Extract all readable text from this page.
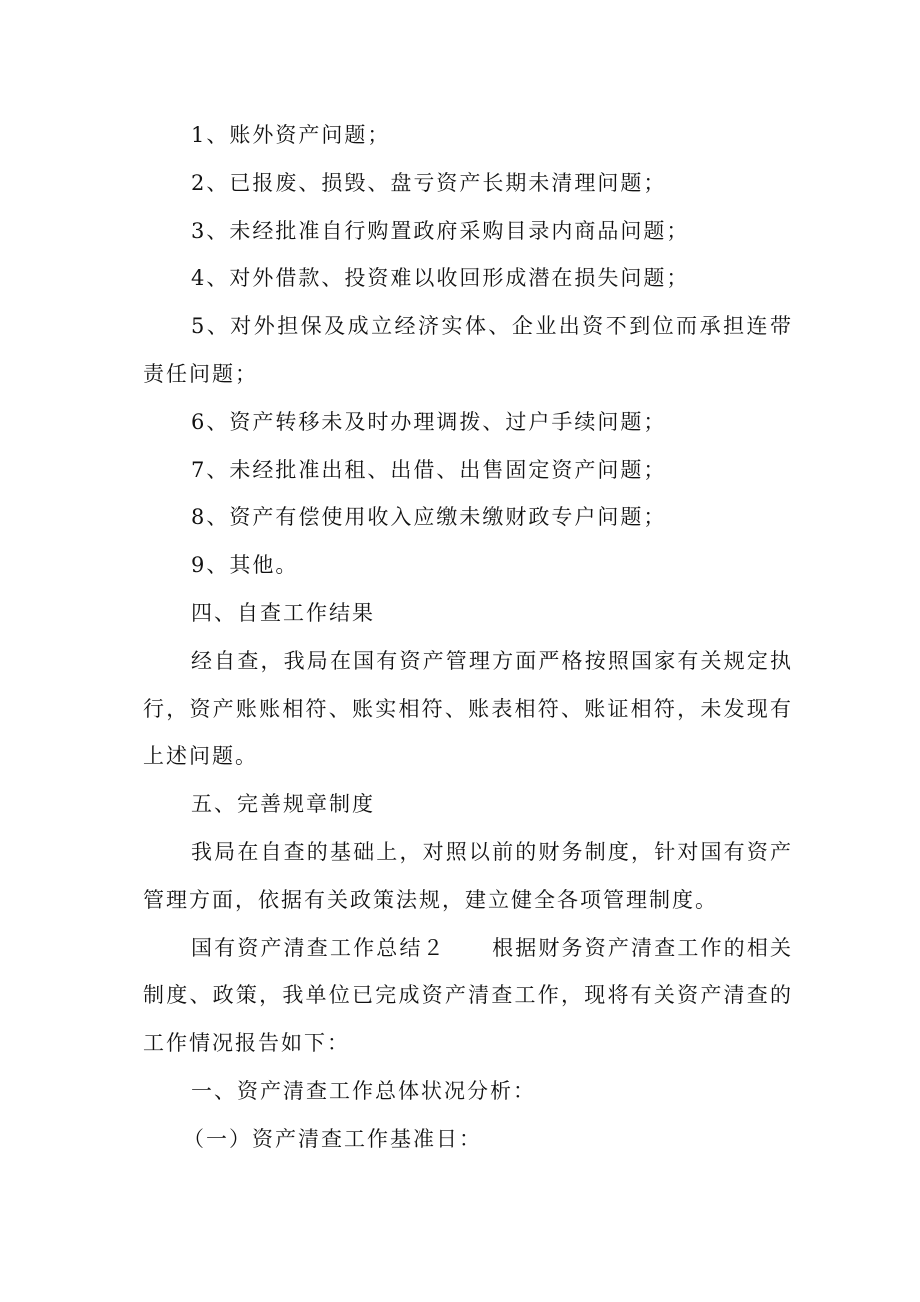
1、账外资产问题；

2、已报废、损毁、盘亏资产长期未清理问题；

3、未经批准自行购置政府采购目录内商品问题；

4、对外借款、投资难以收回形成潜在损失问题；

5、对外担保及成立经济实体、企业出资不到位而承担连带责任问题；

6、资产转移未及时办理调拨、过户手续问题；

7、未经批准出租、出借、出售固定资产问题；

8、资产有偿使用收入应缴未缴财政专户问题；

9、其他。

四、自查工作结果

经自查，我局在国有资产管理方面严格按照国家有关规定执行，资产账账相符、账实相符、账表相符、账证相符，未发现有上述问题。

五、完善规章制度

我局在自查的基础上，对照以前的财务制度，针对国有资产管理方面，依据有关政策法规，建立健全各项管理制度。

国有资产清查工作总结２　　根据财务资产清查工作的相关制度、政策，我单位已完成资产清查工作，现将有关资产清查的工作情况报告如下：

一、资产清查工作总体状况分析：

（一）资产清查工作基准日：
